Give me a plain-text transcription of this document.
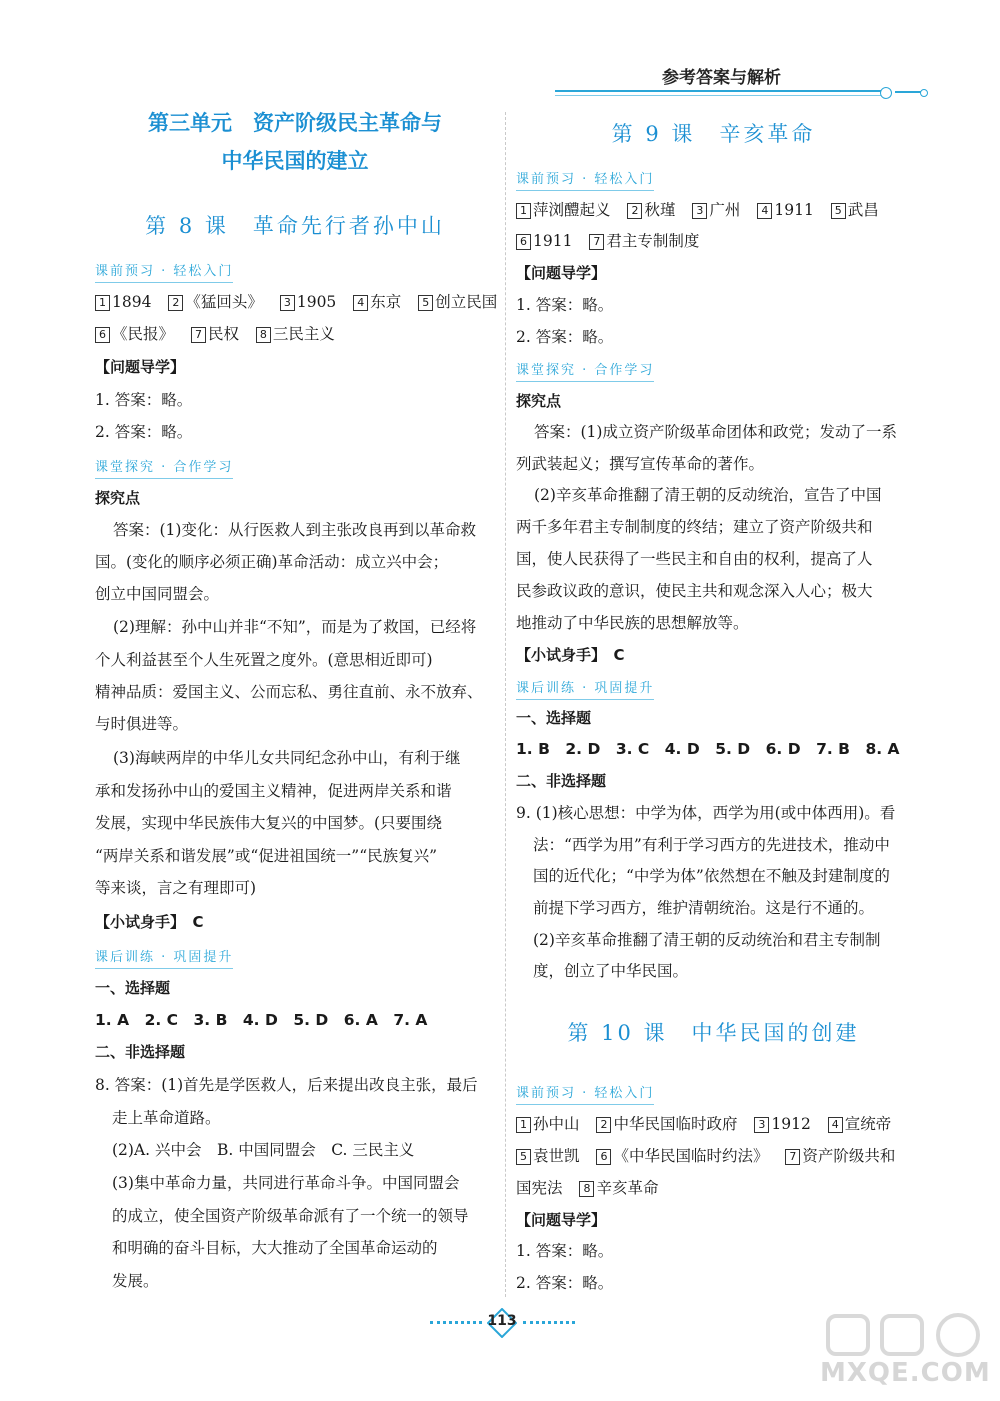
参考答案与解析
第三单元　资产阶级民主革命与
中华民国的建立
第 8 课　革命先行者孙中山
课前预习 · 轻松入门
1 1894 2 《猛回头》 3 1905 4 东京 5 创立民国
6 《民报》 7 民权 8 三民主义
【问题导学】
1. 答案：略。
2. 答案：略。
课堂探究 · 合作学习
探究点
答案：(1)变化：从行医救人到主张改良再到以革命救
国。(变化的顺序必须正确)革命活动：成立兴中会；
创立中国同盟会。
(2)理解：孙中山并非“不知”，而是为了救国，已经将
个人利益甚至个人生死置之度外。(意思相近即可)
精神品质：爱国主义、公而忘私、勇往直前、永不放弃、
与时俱进等。
(3)海峡两岸的中华儿女共同纪念孙中山，有利于继
承和发扬孙中山的爱国主义精神，促进两岸关系和谐
发展，实现中华民族伟大复兴的中国梦。(只要围绕
“两岸关系和谐发展”或“促进祖国统一”“民族复兴”
等来谈，言之有理即可)
【小试身手】　C
课后训练 · 巩固提升
一、选择题
1. A　2. C　3. B　4. D　5. D　6. A　7. A
二、非选择题
8. 答案：(1)首先是学医救人，后来提出改良主张，最后
走上革命道路。
(2)A. 兴中会　B. 中国同盟会　C. 三民主义
(3)集中革命力量，共同进行革命斗争。中国同盟会
的成立，使全国资产阶级革命派有了一个统一的领导
和明确的奋斗目标，大大推动了全国革命运动的
发展。
第 9 课　辛亥革命
课前预习 · 轻松入门
1 萍浏醴起义 2 秋瑾 3 广州 4 1911 5 武昌
6 1911 7 君主专制制度
【问题导学】
1. 答案：略。
2. 答案：略。
课堂探究 · 合作学习
探究点
答案：(1)成立资产阶级革命团体和政党；发动了一系
列武装起义；撰写宣传革命的著作。
(2)辛亥革命推翻了清王朝的反动统治，宣告了中国
两千多年君主专制制度的终结；建立了资产阶级共和
国，使人民获得了一些民主和自由的权利，提高了人
民参政议政的意识，使民主共和观念深入人心；极大
地推动了中华民族的思想解放等。
【小试身手】　C
课后训练 · 巩固提升
一、选择题
1. B　2. D　3. C　4. D　5. D　6. D　7. B　8. A
二、非选择题
9. (1)核心思想：中学为体，西学为用(或中体西用)。看
法：“西学为用”有利于学习西方的先进技术，推动中
国的近代化；“中学为体”依然想在不触及封建制度的
前提下学习西方，维护清朝统治。这是行不通的。
(2)辛亥革命推翻了清王朝的反动统治和君主专制制
度，创立了中华民国。
第 10 课　中华民国的创建
课前预习 · 轻松入门
1 孙中山 2 中华民国临时政府 3 1912 4 宣统帝
5 袁世凯 6 《中华民国临时约法》 7 资产阶级共和
国宪法 8 辛亥革命
【问题导学】
1. 答案：略。
2. 答案：略。
113
MXQE.COM
